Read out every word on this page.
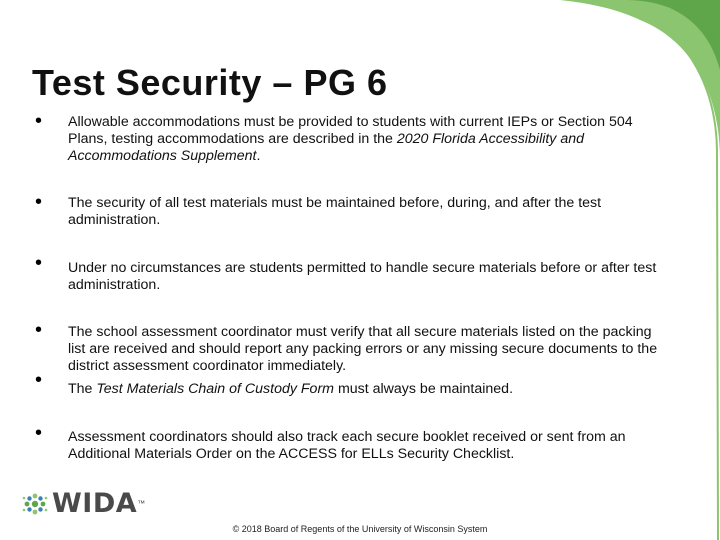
Test Security – PG 6
•
•
•
•
•
•
Allowable accommodations must be provided to students with current IEPs or Section 504 Plans, testing accommodations are described in the 2020 Florida Accessibility and Accommodations Supplement.
The security of all test materials must be maintained before, during, and after the test administration.
Under no circumstances are students permitted to handle secure materials before or after test administration.
The school assessment coordinator must verify that all secure materials listed on the packing list are received and should report any packing errors or any missing secure documents to the district assessment coordinator immediately.
The Test Materials Chain of Custody Form must always be maintained.
Assessment coordinators should also track each secure booklet received or sent from an Additional Materials Order on the ACCESS for ELLs Security Checklist.
WIDA ™
© 2018 Board of Regents of the University of Wisconsin System
